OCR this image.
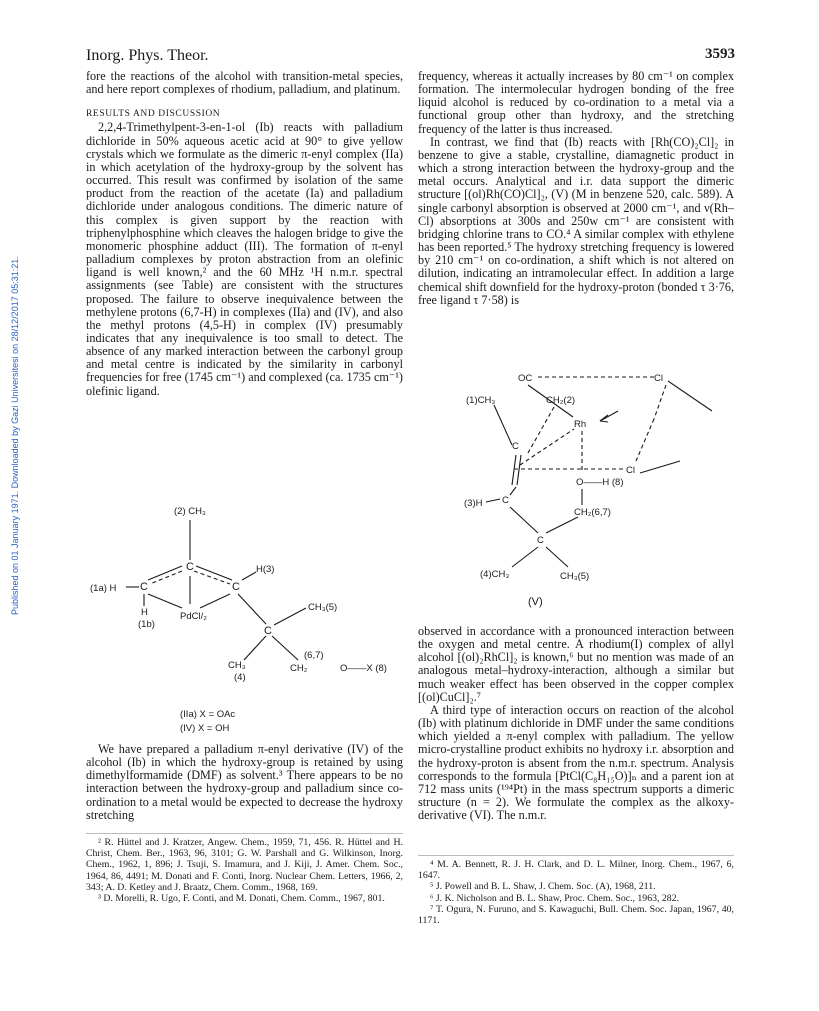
Inorg. Phys. Theor.	3593
Published on 01 January 1971. Downloaded by Gazi Universitesi on 28/12/2017 05:31:21.

fore the reactions of the alcohol with transition-metal species, and here report complexes of rhodium, palladium, and platinum.

RESULTS AND DISCUSSION

2,2,4-Trimethylpent-3-en-1-ol (Ib) reacts with palladium dichloride in 50% aqueous acetic acid at 90° to give yellow crystals which we formulate as the dimeric π-enyl complex (IIa) in which acetylation of the hydroxy-group by the solvent has occurred. This result was confirmed by isolation of the same product from the reaction of the acetate (Ia) and palladium dichloride under analogous conditions. The dimeric nature of this complex is given support by the reaction with triphenylphosphine which cleaves the halogen bridge to give the monomeric phosphine adduct (III). The formation of π-enyl palladium complexes by proton abstraction from an olefinic ligand is well known,² and the 60 MHz ¹H n.m.r. spectral assignments (see Table) are consistent with the structures proposed. The failure to observe inequivalence between the methylene protons (6,7-H) in complexes (IIa) and (IV), and also the methyl protons (4,5-H) in complex (IV) presumably indicates that any inequivalence is too small to detect. The absence of any marked interaction between the carbonyl group and metal centre is indicated by the similarity in carbonyl frequencies for free (1745 cm⁻¹) and complexed (ca. 1735 cm⁻¹) olefinic ligand.

(2) CH₃
C
C	C
(1a) H
H(3)
H
(1b)
PdCl/₂
C
CH₃(5)
CH₃
(4)
(6,7)
CH₂	O——X (8)
(IIa) X = OAc
(IV) X = OH

We have prepared a palladium π-enyl derivative (IV) of the alcohol (Ib) in which the hydroxy-group is retained by using dimethylformamide (DMF) as solvent.³ There appears to be no interaction between the hydroxy-group and palladium since co-ordination to a metal would be expected to decrease the hydroxy stretching

² R. Hüttel and J. Kratzer, Angew. Chem., 1959, 71, 456. R. Hüttel and H. Christ, Chem. Ber., 1963, 96, 3101; G. W. Parshall and G. Wilkinson, Inorg. Chem., 1962, 1, 896; J. Tsuji, S. Imamura, and J. Kiji, J. Amer. Chem. Soc., 1964, 86, 4491; M. Donati and F. Conti, Inorg. Nuclear Chem. Letters, 1966, 2, 343; A. D. Ketley and J. Braatz, Chem. Comm., 1968, 169.

³ D. Morelli, R. Ugo, F. Conti, and M. Donati, Chem. Comm., 1967, 801.

frequency, whereas it actually increases by 80 cm⁻¹ on complex formation. The intermolecular hydrogen bonding of the free liquid alcohol is reduced by co-ordination to a metal via a functional group other than hydroxy, and the stretching frequency of the latter is thus increased.

In contrast, we find that (Ib) reacts with [Rh(CO)₂Cl]₂ in benzene to give a stable, crystalline, diamagnetic product in which a strong interaction between the hydroxy-group and the metal occurs. Analytical and i.r. data support the dimeric structure [(ol)Rh(CO)Cl]₂, (V) (M in benzene 520, calc. 589). A single carbonyl absorption is observed at 2000 cm⁻¹, and ν(Rh–Cl) absorptions at 300s and 250w cm⁻¹ are consistent with bridging chlorine trans to CO.⁴ A similar complex with ethylene has been reported.⁵ The hydroxy stretching frequency is lowered by 210 cm⁻¹ on co-ordination, a shift which is not altered on dilution, indicating an intramolecular effect. In addition a large chemical shift downfield for the hydroxy-proton (bonded τ 3·76, free ligand τ 7·58) is

OC	Cl
(1)CH₃	CH₂(2)
Rh
C
Cl
O——H (8)
C
(3)H
CH₂(6,7)
C
(4)CH₃	CH₃(5)
(V)

observed in accordance with a pronounced interaction between the oxygen and metal centre. A rhodium(I) complex of allyl alcohol [(ol)₂RhCl]₂ is known,⁶ but no mention was made of an analogous metal–hydroxy-interaction, although a similar but much weaker effect has been observed in the copper complex [(ol)CuCl]₂.⁷

A third type of interaction occurs on reaction of the alcohol (Ib) with platinum dichloride in DMF under the same conditions which yielded a π-enyl complex with palladium. The yellow micro-crystalline product exhibits no hydroxy i.r. absorption and the hydroxy-proton is absent from the n.m.r. spectrum. Analysis corresponds to the formula [PtCl(C₈H₁₅O)]ₙ and a parent ion at 712 mass units (¹⁹⁴Pt) in the mass spectrum supports a dimeric structure (n = 2). We formulate the complex as the alkoxy-derivative (VI). The n.m.r.

⁴ M. A. Bennett, R. J. H. Clark, and D. L. Milner, Inorg. Chem., 1967, 6, 1647.

⁵ J. Powell and B. L. Shaw, J. Chem. Soc. (A), 1968, 211.

⁶ J. K. Nicholson and B. L. Shaw, Proc. Chem. Soc., 1963, 282.

⁷ T. Ogura, N. Furuno, and S. Kawaguchi, Bull. Chem. Soc. Japan, 1967, 40, 1171.
